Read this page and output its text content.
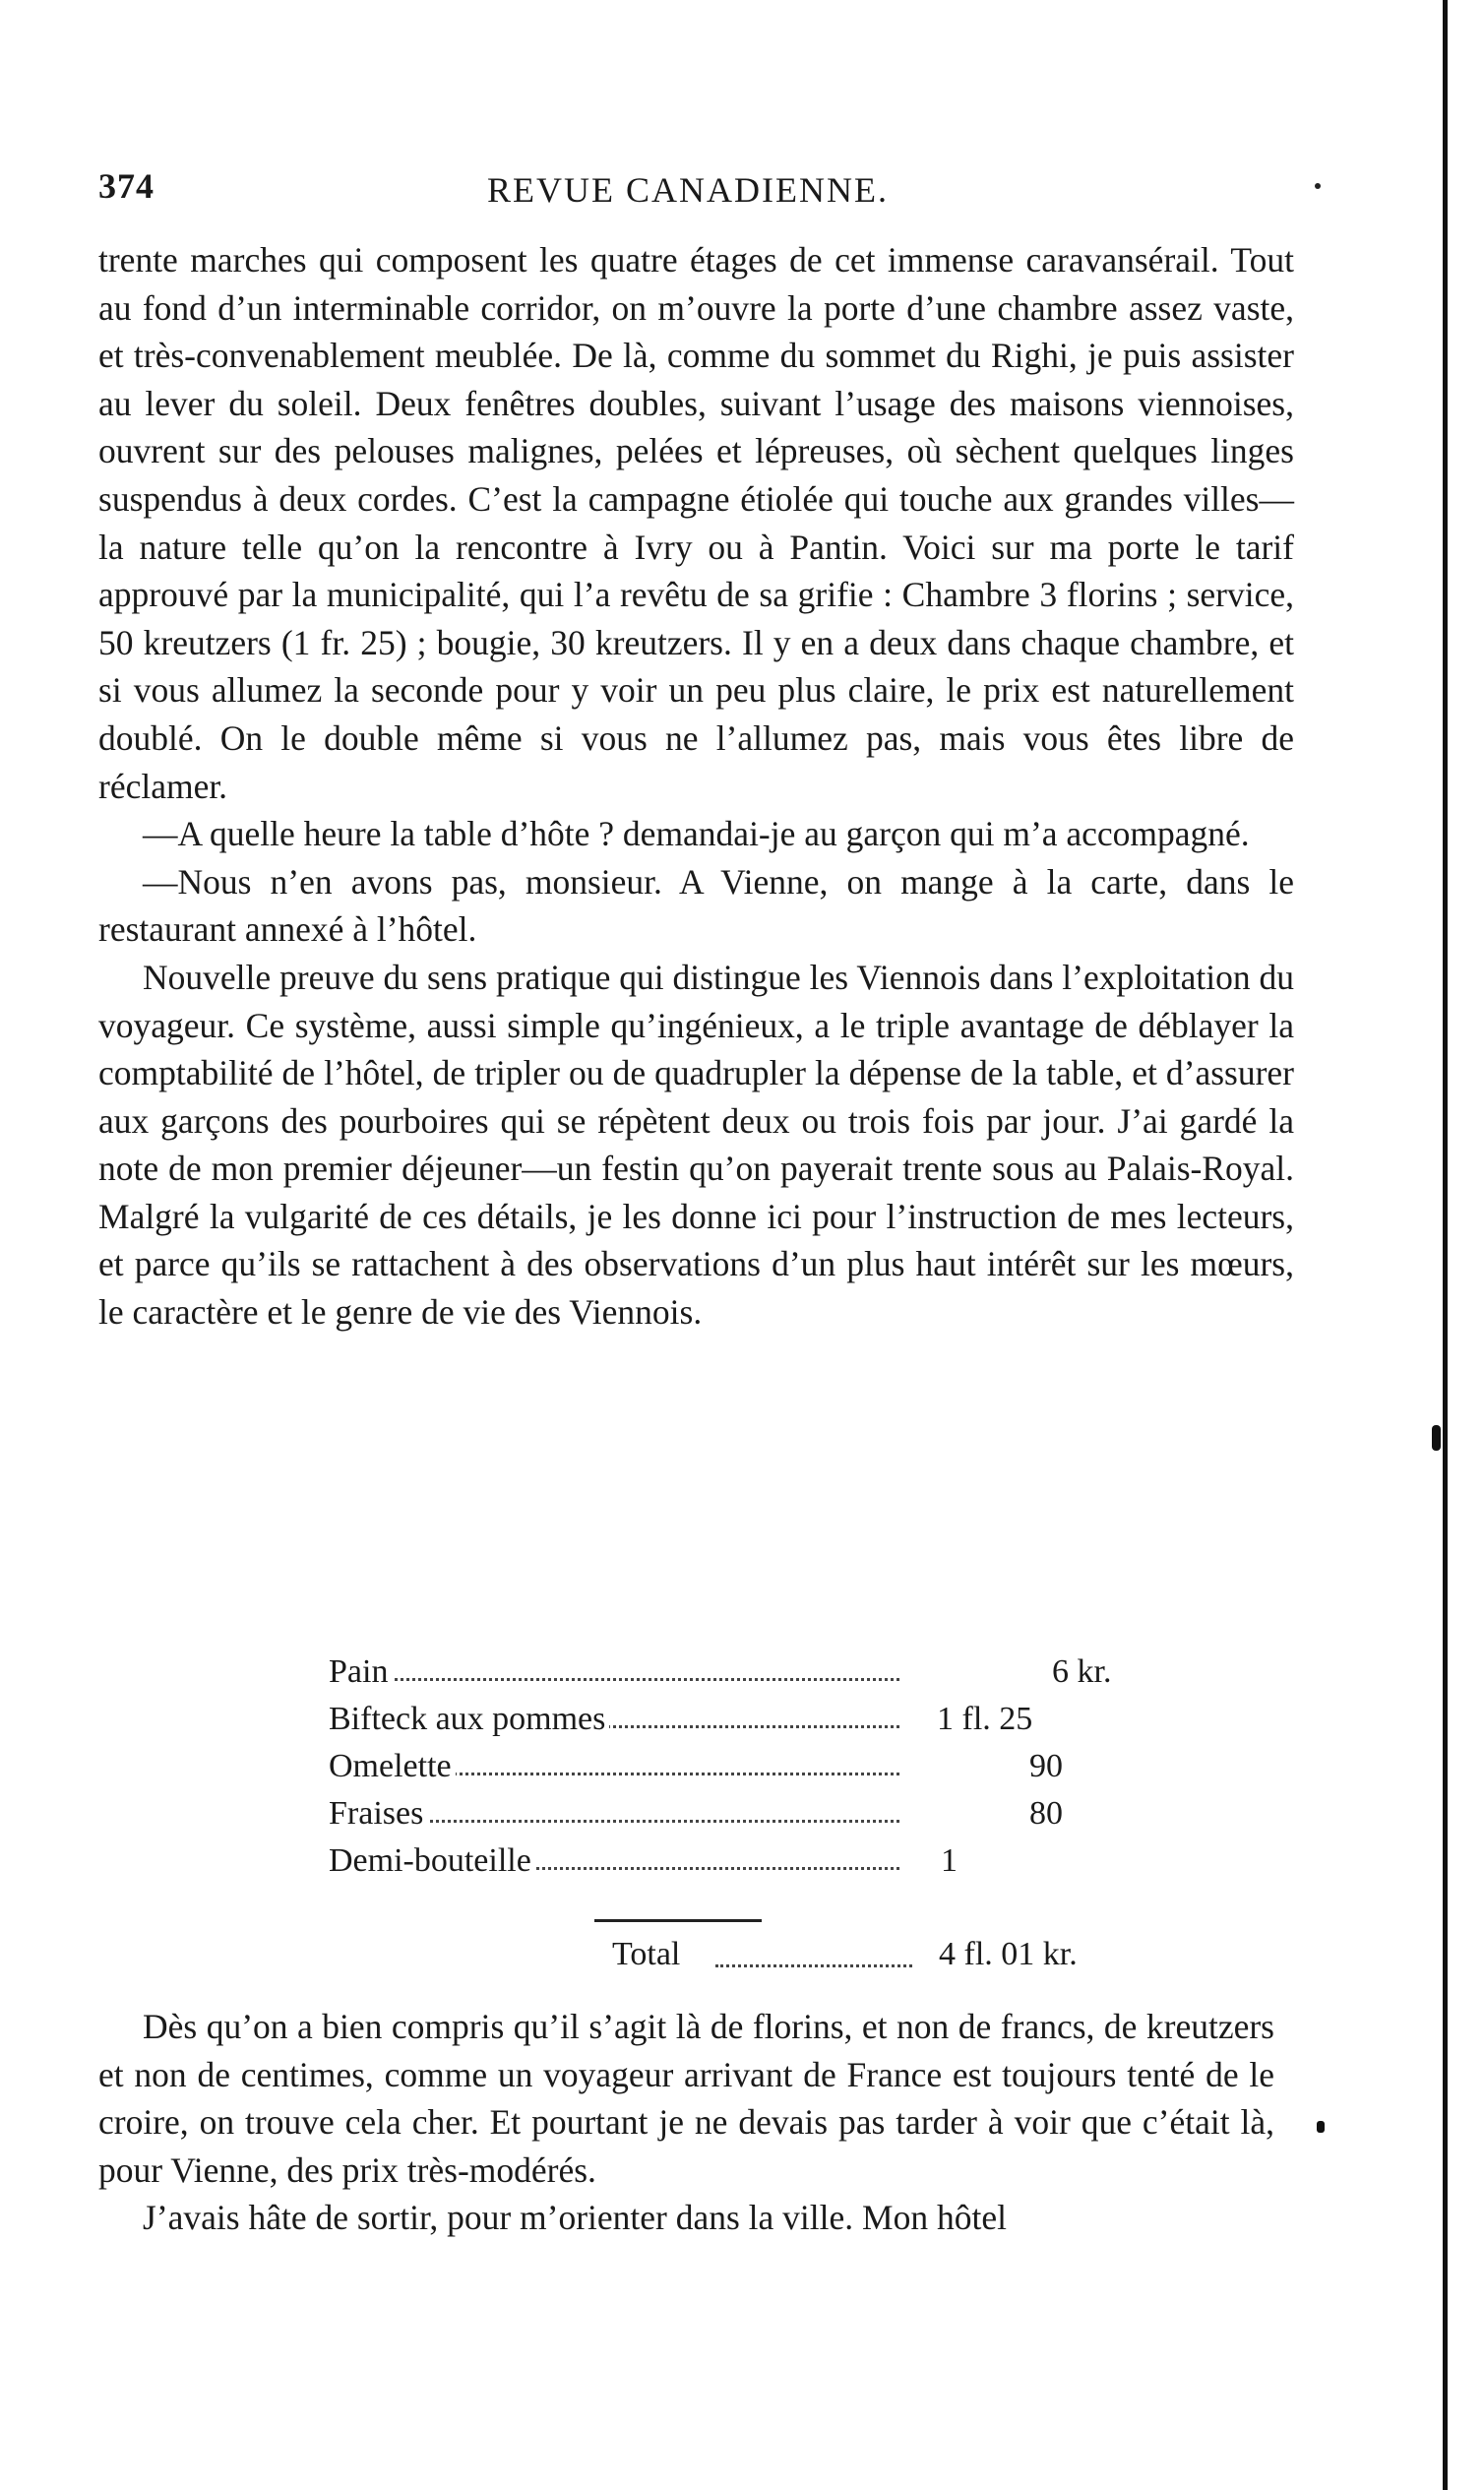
374	REVUE CANADIENNE.

trente marches qui composent les quatre étages de cet immense caravansérail. Tout au fond d’un interminable corridor, on m’ouvre la porte d’une chambre assez vaste, et très-convenablement meublée. De là, comme du sommet du Righi, je puis assister au lever du soleil. Deux fenêtres doubles, suivant l’usage des maisons viennoises, ouvrent sur des pelouses malignes, pelées et lépreuses, où sèchent quelques linges suspendus à deux cordes. C’est la campagne étiolée qui touche aux grandes villes—la nature telle qu’on la rencontre à Ivry ou à Pantin. Voici sur ma porte le tarif approuvé par la municipalité, qui l’a revêtu de sa grifie : Chambre 3 florins ; service, 50 kreutzers (1 fr. 25) ; bougie, 30 kreutzers. Il y en a deux dans chaque chambre, et si vous allumez la seconde pour y voir un peu plus claire, le prix est naturellement doublé. On le double même si vous ne l’allumez pas, mais vous êtes libre de réclamer.

—A quelle heure la table d’hôte ? demandai-je au garçon qui m’a accompagné.

—Nous n’en avons pas, monsieur. A Vienne, on mange à la carte, dans le restaurant annexé à l’hôtel.

Nouvelle preuve du sens pratique qui distingue les Viennois dans l’exploitation du voyageur. Ce système, aussi simple qu’ingénieux, a le triple avantage de déblayer la comptabilité de l’hôtel, de tripler ou de quadrupler la dépense de la table, et d’assurer aux garçons des pourboires qui se répètent deux ou trois fois par jour. J’ai gardé la note de mon premier déjeuner—un festin qu’on payerait trente sous au Palais-Royal. Malgré la vulgarité de ces détails, je les donne ici pour l’instruction de mes lecteurs, et parce qu’ils se rattachent à des observations d’un plus haut intérêt sur les mœurs, le caractère et le genre de vie des Viennois.

Pain	6 kr.
Bifteck aux pommes	1 fl. 25
Omelette	90
Fraises	80
Demi-bouteille	1
Total	4 fl. 01 kr.

Dès qu’on a bien compris qu’il s’agit là de florins, et non de francs, de kreutzers et non de centimes, comme un voyageur arrivant de France est toujours tenté de le croire, on trouve cela cher. Et pourtant je ne devais pas tarder à voir que c’était là, pour Vienne, des prix très-modérés.

J’avais hâte de sortir, pour m’orienter dans la ville. Mon hôtel
